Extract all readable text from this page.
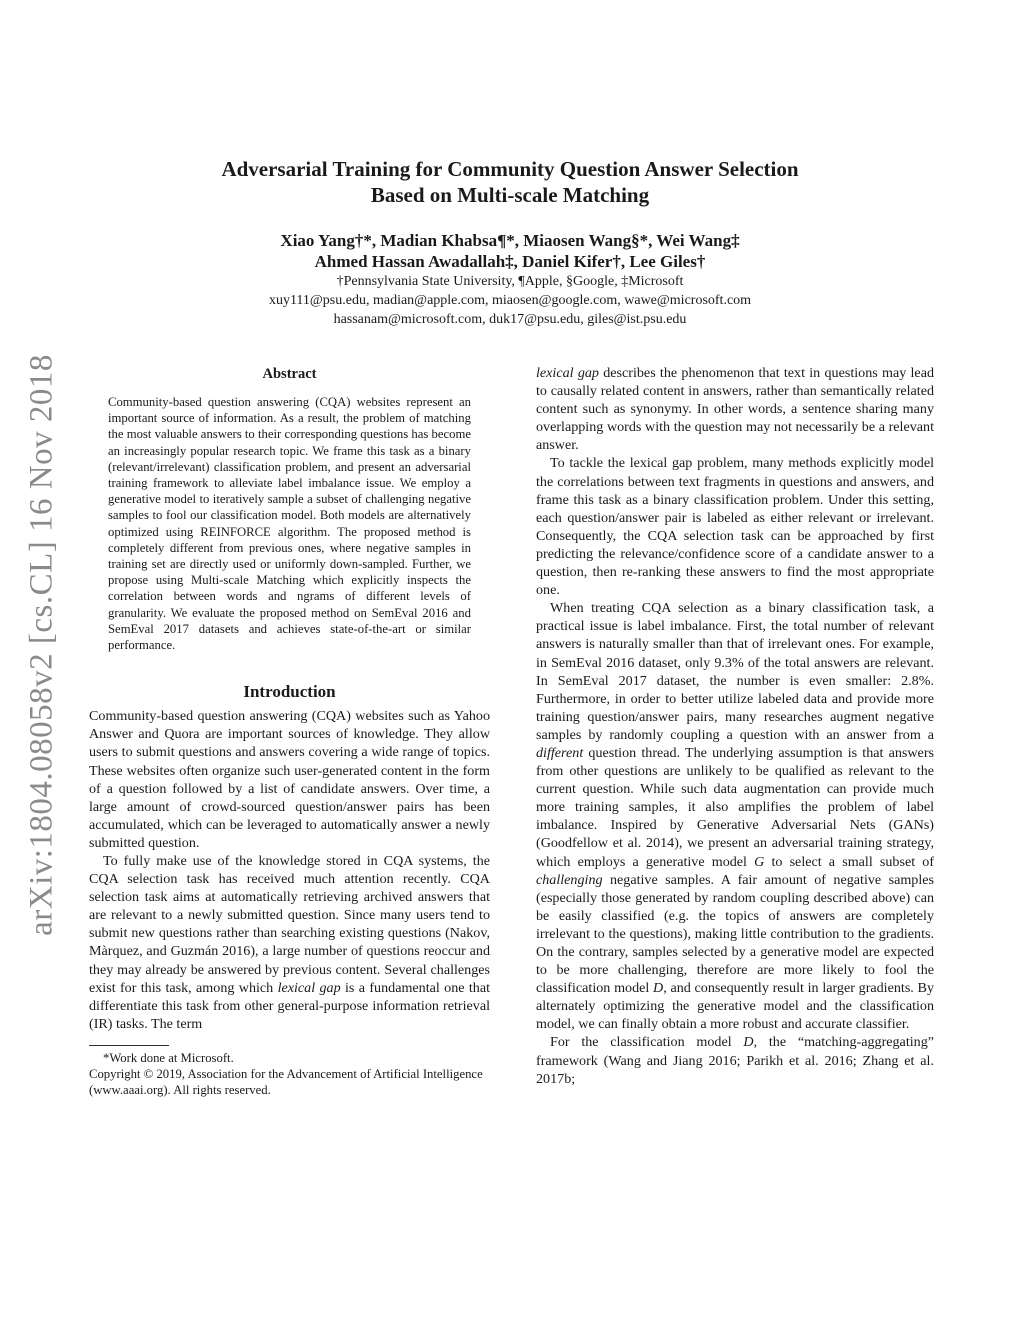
arXiv:1804.08058v2 [cs.CL] 16 Nov 2018
Adversarial Training for Community Question Answer Selection
Based on Multi-scale Matching
Xiao Yang†*, Madian Khabsa¶*, Miaosen Wang§*, Wei Wang‡
Ahmed Hassan Awadallah‡, Daniel Kifer†, Lee Giles†
†Pennsylvania State University, ¶Apple, §Google, ‡Microsoft
xuy111@psu.edu, madian@apple.com, miaosen@google.com, wawe@microsoft.com
hassanam@microsoft.com, duk17@psu.edu, giles@ist.psu.edu
Abstract

Community-based question answering (CQA) websites represent an important source of information. As a result, the problem of matching the most valuable answers to their corresponding questions has become an increasingly popular research topic. We frame this task as a binary (relevant/irrelevant) classification problem, and present an adversarial training framework to alleviate label imbalance issue. We employ a generative model to iteratively sample a subset of challenging negative samples to fool our classification model. Both models are alternatively optimized using REINFORCE algorithm. The proposed method is completely different from previous ones, where negative samples in training set are directly used or uniformly down-sampled. Further, we propose using Multi-scale Matching which explicitly inspects the correlation between words and ngrams of different levels of granularity. We evaluate the proposed method on SemEval 2016 and SemEval 2017 datasets and achieves state-of-the-art or similar performance.

Introduction

Community-based question answering (CQA) websites such as Yahoo Answer and Quora are important sources of knowledge. They allow users to submit questions and answers covering a wide range of topics. These websites often organize such user-generated content in the form of a question followed by a list of candidate answers. Over time, a large amount of crowd-sourced question/answer pairs has been accumulated, which can be leveraged to automatically answer a newly submitted question.

To fully make use of the knowledge stored in CQA systems, the CQA selection task has received much attention recently. CQA selection task aims at automatically retrieving archived answers that are relevant to a newly submitted question. Since many users tend to submit new questions rather than searching existing questions (Nakov, Màrquez, and Guzmán 2016), a large number of questions reoccur and they may already be answered by previous content. Several challenges exist for this task, among which lexical gap is a fundamental one that differentiate this task from other general-purpose information retrieval (IR) tasks. The term

*Work done at Microsoft.

Copyright © 2019, Association for the Advancement of Artificial Intelligence (www.aaai.org). All rights reserved.

lexical gap describes the phenomenon that text in questions may lead to causally related content in answers, rather than semantically related content such as synonymy. In other words, a sentence sharing many overlapping words with the question may not necessarily be a relevant answer.

To tackle the lexical gap problem, many methods explicitly model the correlations between text fragments in questions and answers, and frame this task as a binary classification problem. Under this setting, each question/answer pair is labeled as either relevant or irrelevant. Consequently, the CQA selection task can be approached by first predicting the relevance/confidence score of a candidate answer to a question, then re-ranking these answers to find the most appropriate one.

When treating CQA selection as a binary classification task, a practical issue is label imbalance. First, the total number of relevant answers is naturally smaller than that of irrelevant ones. For example, in SemEval 2016 dataset, only 9.3% of the total answers are relevant. In SemEval 2017 dataset, the number is even smaller: 2.8%. Furthermore, in order to better utilize labeled data and provide more training question/answer pairs, many researches augment negative samples by randomly coupling a question with an answer from a different question thread. The underlying assumption is that answers from other questions are unlikely to be qualified as relevant to the current question. While such data augmentation can provide much more training samples, it also amplifies the problem of label imbalance. Inspired by Generative Adversarial Nets (GANs) (Goodfellow et al. 2014), we present an adversarial training strategy, which employs a generative model G to select a small subset of challenging negative samples. A fair amount of negative samples (especially those generated by random coupling described above) can be easily classified (e.g. the topics of answers are completely irrelevant to the questions), making little contribution to the gradients. On the contrary, samples selected by a generative model are expected to be more challenging, therefore are more likely to fool the classification model D, and consequently result in larger gradients. By alternately optimizing the generative model and the classification model, we can finally obtain a more robust and accurate classifier.

For the classification model D, the “matching-aggregating” framework (Wang and Jiang 2016; Parikh et al. 2016; Zhang et al. 2017b;
